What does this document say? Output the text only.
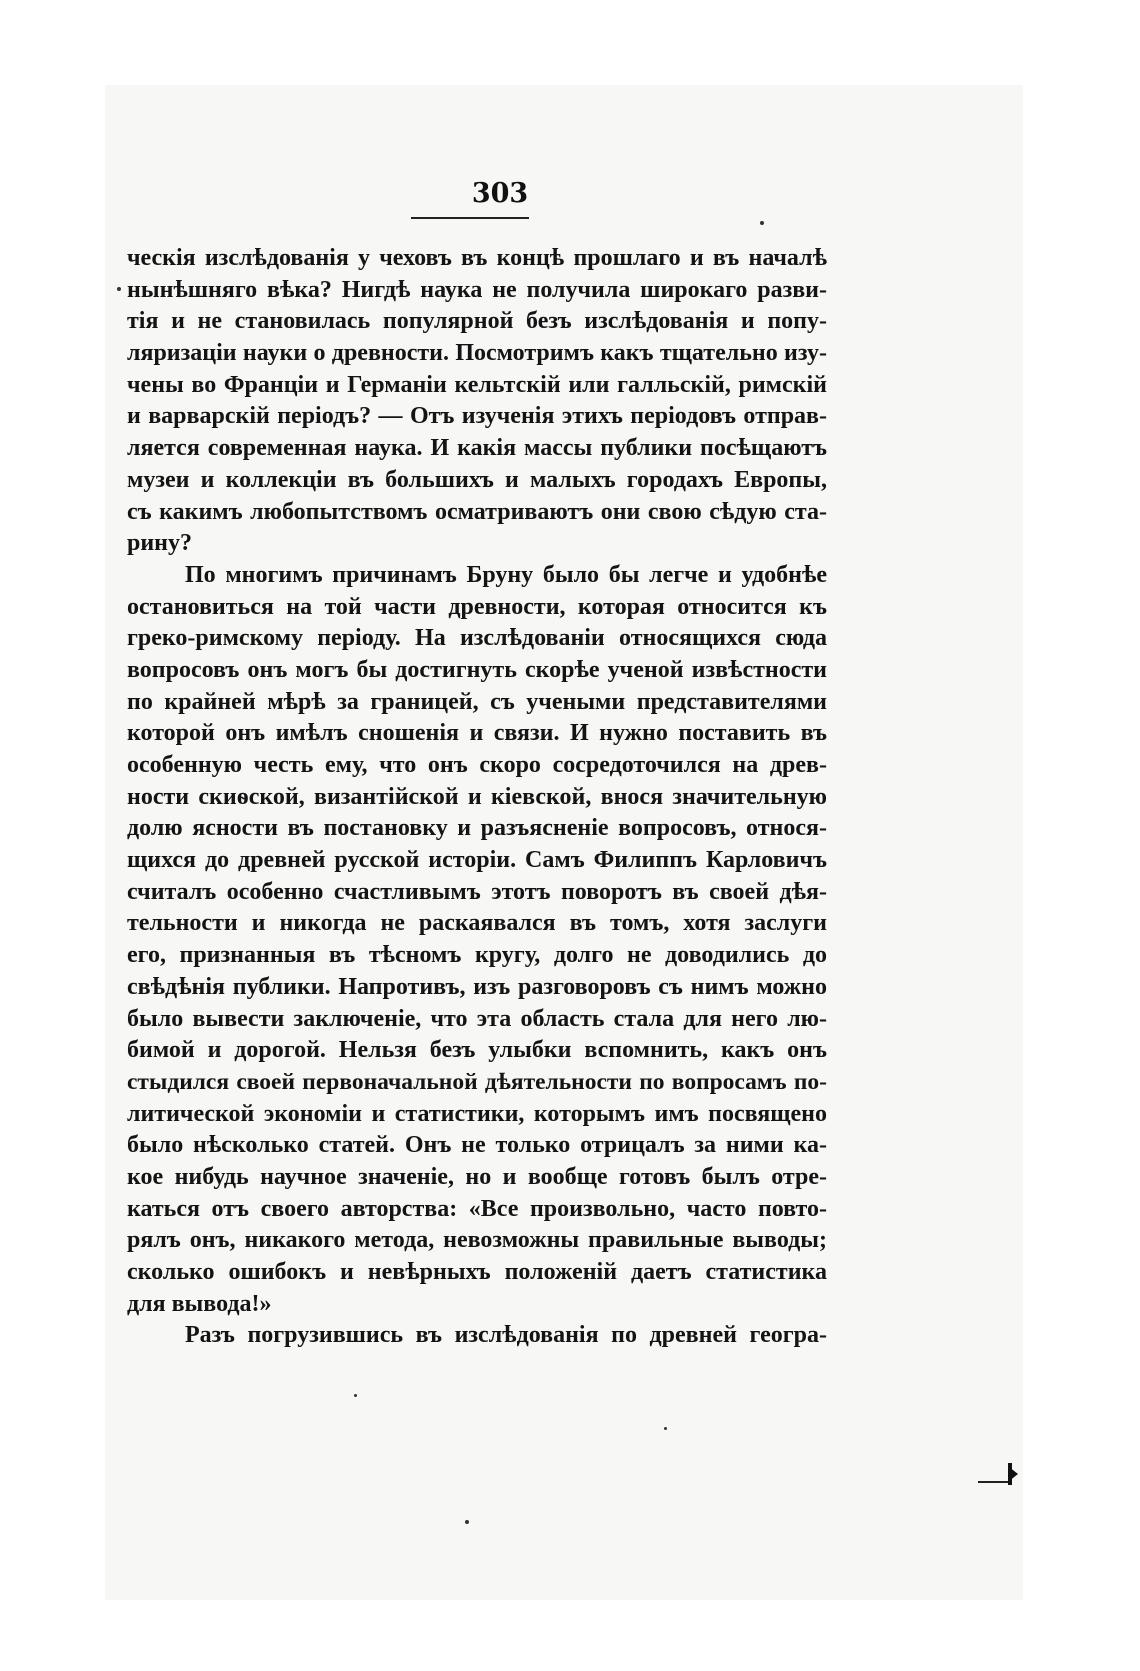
303
ческія изслѣдованія у чеховъ въ концѣ прошлаго и въ началѣ
нынѣшняго вѣка? Нигдѣ наука не получила широкаго разви-
тія и не становилась популярной безъ изслѣдованія и попу-
ляризаціи науки о древности. Посмотримъ какъ тщательно изу-
чены во Франціи и Германіи кельтскій или галльскій, римскій
и варварскій періодъ? — Отъ изученія этихъ періодовъ отправ-
ляется современная наука. И какія массы публики посѣщаютъ
музеи и коллекціи въ большихъ и малыхъ городахъ Европы,
съ какимъ любопытствомъ осматриваютъ они свою сѣдую ста-
рину?
По многимъ причинамъ Бруну было бы легче и удобнѣе
остановиться на той части древности, которая относится къ
греко-римскому періоду. На изслѣдованіи относящихся сюда
вопросовъ онъ могъ бы достигнуть скорѣе ученой извѣстности
по крайней мѣрѣ за границей, съ учеными представителями
которой онъ имѣлъ сношенія и связи. И нужно поставить въ
особенную честь ему, что онъ скоро сосредоточился на древ-
ности скиѳской, византійской и кіевской, внося значительную
долю ясности въ постановку и разъясненіе вопросовъ, относя-
щихся до древней русской исторіи. Самъ Филиппъ Карловичъ
считалъ особенно счастливымъ этотъ поворотъ въ своей дѣя-
тельности и никогда не раскаявался въ томъ, хотя заслуги
его, признанныя въ тѣсномъ кругу, долго не доводились до
свѣдѣнія публики. Напротивъ, изъ разговоровъ съ нимъ можно
было вывести заключеніе, что эта область стала для него лю-
бимой и дорогой. Нельзя безъ улыбки вспомнить, какъ онъ
стыдился своей первоначальной дѣятельности по вопросамъ по-
литической экономіи и статистики, которымъ имъ посвящено
было нѣсколько статей. Онъ не только отрицалъ за ними ка-
кое нибудь научное значеніе, но и вообще готовъ былъ отре-
каться отъ своего авторства: «Все произвольно, часто повто-
рялъ онъ, никакого метода, невозможны правильные выводы;
сколько ошибокъ и невѣрныхъ положеній даетъ статистика
для вывода!»
Разъ погрузившись въ изслѣдованія по древней геогра-
